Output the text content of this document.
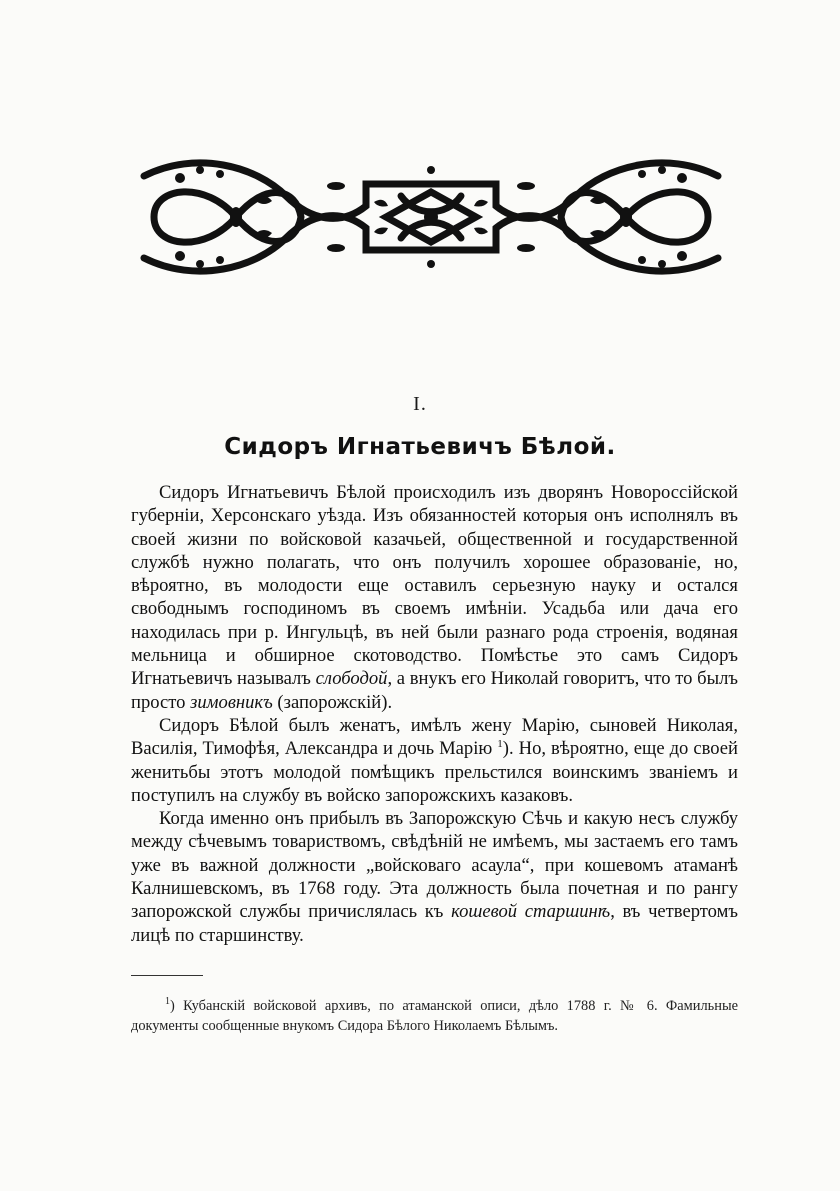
I.
Сидоръ Игнатьевичъ Бѣлой.

Сидоръ Игнатьевичъ Бѣлой происходилъ изъ дворянъ Новороссійской губерніи, Херсонскаго уѣзда. Изъ обязанностей которыя онъ исполнялъ въ своей жизни по войсковой казачьей, общественной и государственной службѣ нужно полагать, что онъ получилъ хорошее образованіе, но, вѣроятно, въ молодости еще оставилъ серьезную науку и остался свободнымъ господиномъ въ своемъ имѣніи. Усадьба или дача его находилась при р. Ингульцѣ, въ ней были разнаго рода строенія, водяная мельница и обширное скотоводство. Помѣстье это самъ Сидоръ Игнатьевичъ называлъ слободой, а внукъ его Николай говоритъ, что то былъ просто зимовникъ (запорожскій).

Сидоръ Бѣлой былъ женатъ, имѣлъ жену Марію, сыновей Николая, Василія, Тимофѣя, Александра и дочь Марію $^1$). Но, вѣроятно, еще до своей женитьбы этотъ молодой помѣщикъ прельстился воинскимъ званіемъ и поступилъ на службу въ войско запорожскихъ казаковъ.

Когда именно онъ прибылъ въ Запорожскую Сѣчь и какую несъ службу между сѣчевымъ товариствомъ, свѣдѣній не имѣемъ, мы застаемъ его тамъ уже въ важной должности „войсковаго асаула“, при кошевомъ атаманѣ Калнишевскомъ, въ 1768 году. Эта должность была почетная и по рангу запорожской службы причислялась къ кошевой старшинѣ, въ четвертомъ лицѣ по старшинству.

$^1$) Кубанскій войсковой архивъ, по атаманской описи, дѣло 1788 г. № 6. Фамильные документы сообщенные внукомъ Сидора Бѣлого Николаемъ Бѣлымъ.
